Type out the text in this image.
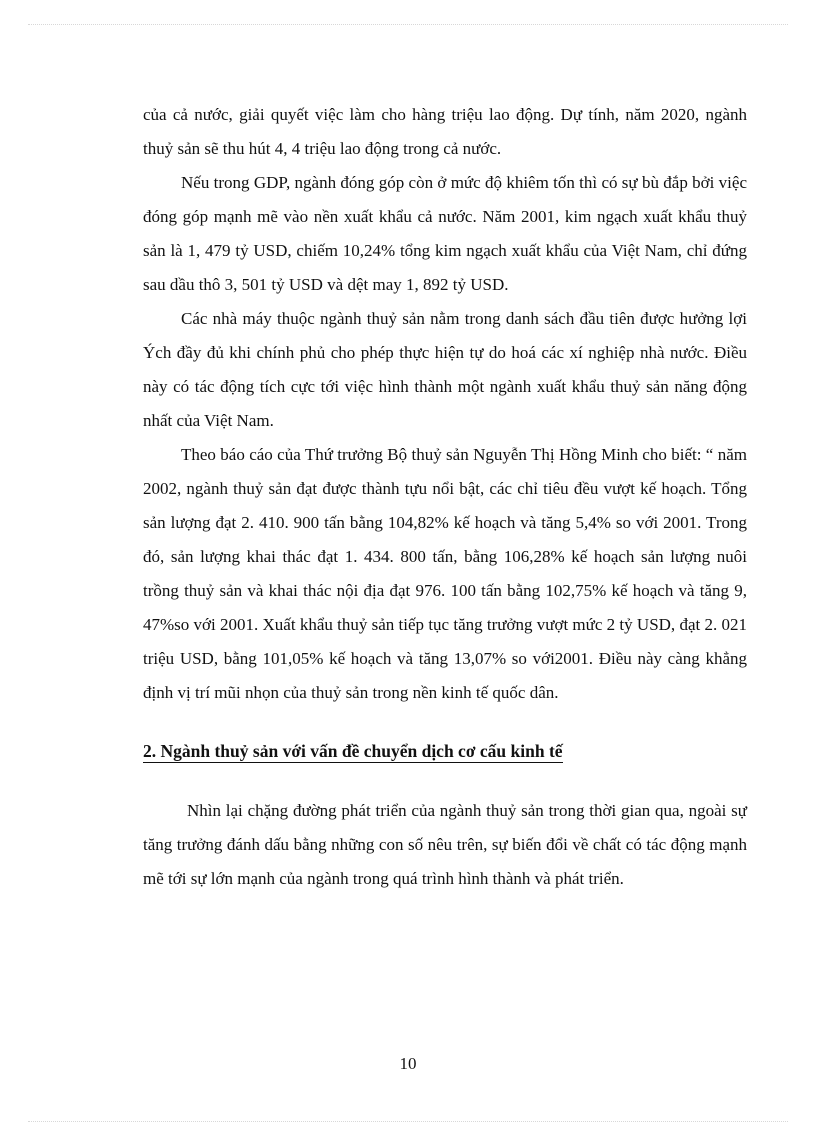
của cả nước, giải quyết việc làm cho hàng triệu lao động. Dự tính, năm 2020, ngành thuỷ sản sẽ thu hút 4, 4 triệu lao động trong cả nước.

Nếu trong GDP, ngành đóng góp còn ở mức độ khiêm tốn thì có sự bù đắp bởi việc đóng góp mạnh mẽ vào nền xuất khẩu cả nước. Năm 2001, kim ngạch xuất khẩu thuỷ sản là 1, 479 tỷ USD, chiếm 10,24% tổng kim ngạch xuất khẩu của Việt Nam, chỉ đứng sau dầu thô 3, 501 tỷ USD và dệt may 1, 892 tỷ USD.

Các nhà máy thuộc ngành thuỷ sản nằm trong danh sách đầu tiên được hưởng lợi Ých đầy đủ khi chính phủ cho phép thực hiện tự do hoá các xí nghiệp nhà nước. Điều này có tác động tích cực tới việc hình thành một ngành xuất khẩu thuỷ sản năng động nhất của Việt Nam.

Theo báo cáo của Thứ trưởng Bộ thuỷ sản Nguyễn Thị Hồng Minh cho biết: “ năm 2002, ngành thuỷ sản đạt được thành tựu nổi bật, các chỉ tiêu đều vượt kế hoạch. Tổng sản lượng đạt 2. 410. 900 tấn bằng 104,82% kế hoạch và tăng 5,4% so với 2001. Trong đó, sản lượng khai thác đạt 1. 434. 800 tấn, bằng 106,28% kế hoạch sản lượng nuôi trồng thuỷ sản và khai thác nội địa đạt 976. 100 tấn bằng 102,75% kế hoạch và tăng 9, 47%so với 2001. Xuất khẩu thuỷ sản tiếp tục tăng trưởng vượt mức 2 tỷ USD, đạt 2. 021 triệu USD, bằng 101,05% kế hoạch và tăng 13,07% so với2001. Điều này càng khẳng định vị trí mũi nhọn của thuỷ sản trong nền kinh tế quốc dân.

2. Ngành thuỷ sản với vấn đề chuyển dịch cơ cấu kinh tế

Nhìn lại chặng đường phát triển của ngành thuỷ sản trong thời gian qua, ngoài sự tăng trưởng đánh dấu bằng những con số nêu trên, sự biến đổi về chất có tác động mạnh mẽ tới sự lớn mạnh của ngành trong quá trình hình thành và phát triển.

10
